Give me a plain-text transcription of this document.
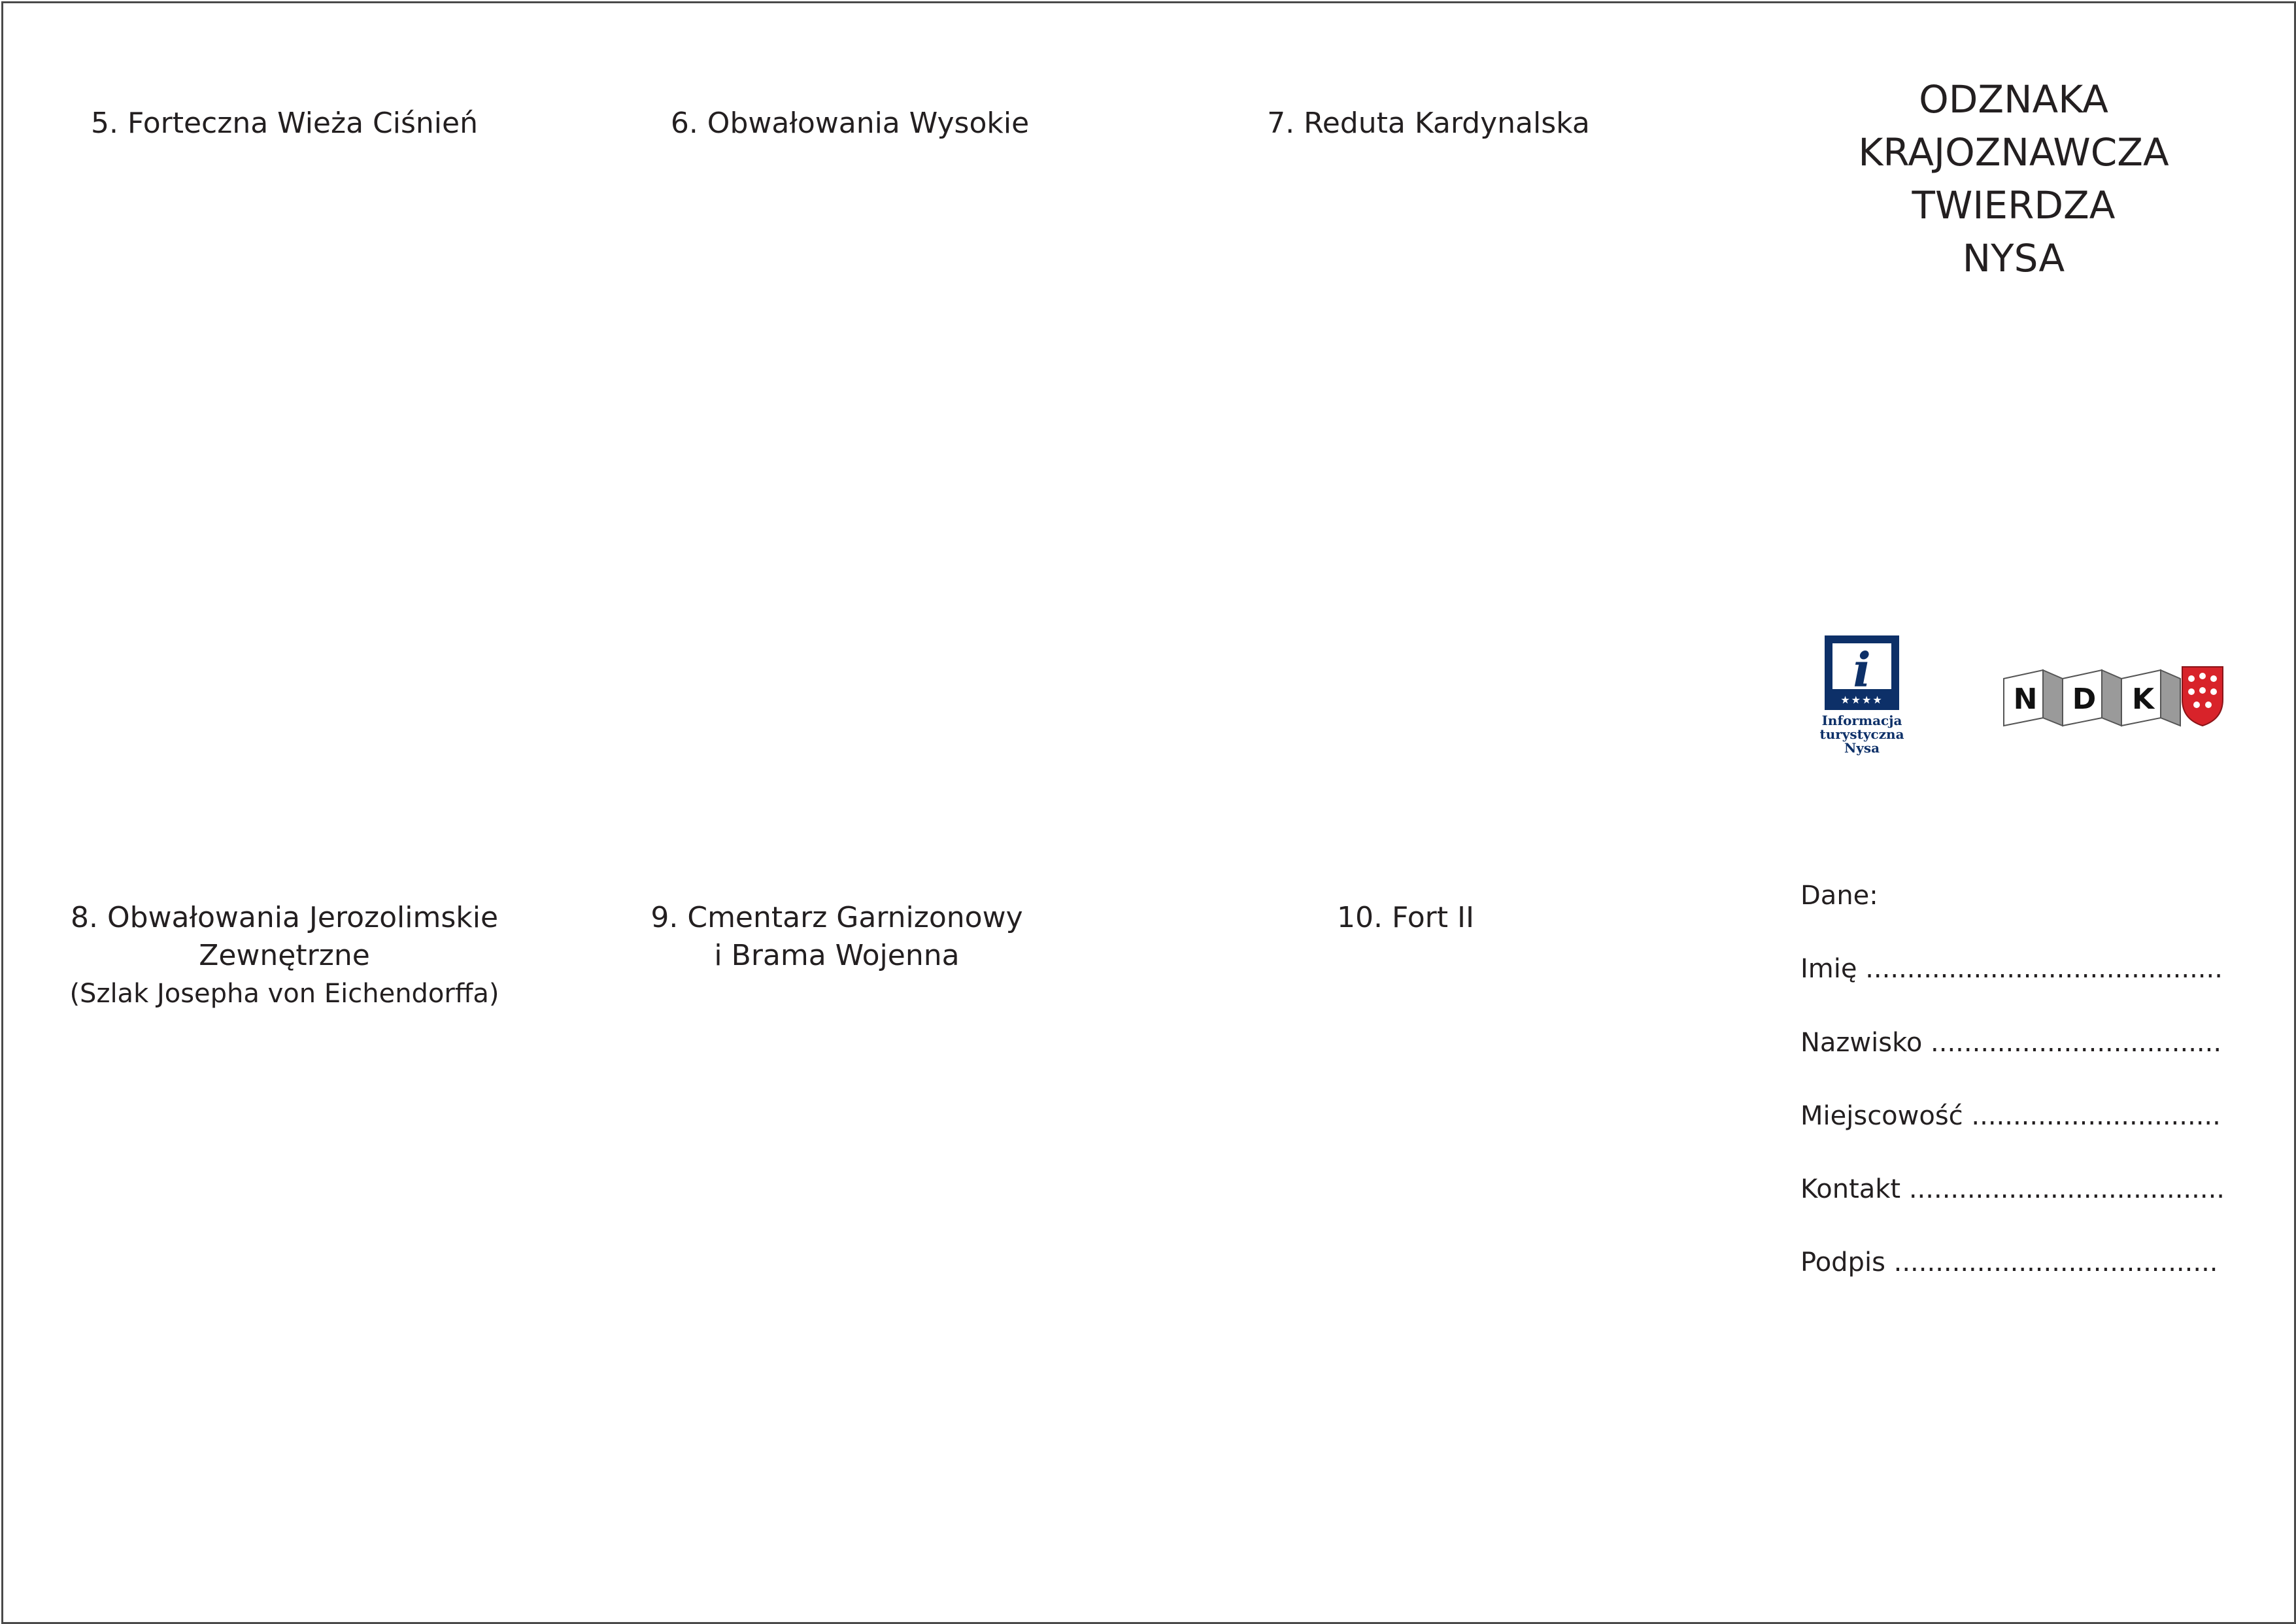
5. Forteczna Wieża Ciśnień	6. Obwałowania Wysokie	7. Reduta Kardynalska
8. Obwałowania Jerozolimskie
Zewnętrzne
(Szlak Josepha von Eichendorffa)
9. Cmentarz Garnizonowy
i Brama Wojenna
10. Fort II
ODZNAKA
KRAJOZNAWCZA
TWIERDZA
NYSA
i
★★★★
Informacja
turystyczna
Nysa
N D K
Dane:
Imię ...........................................
Nazwisko ...................................
Miejscowość ..............................
Kontakt ......................................
Podpis .......................................
